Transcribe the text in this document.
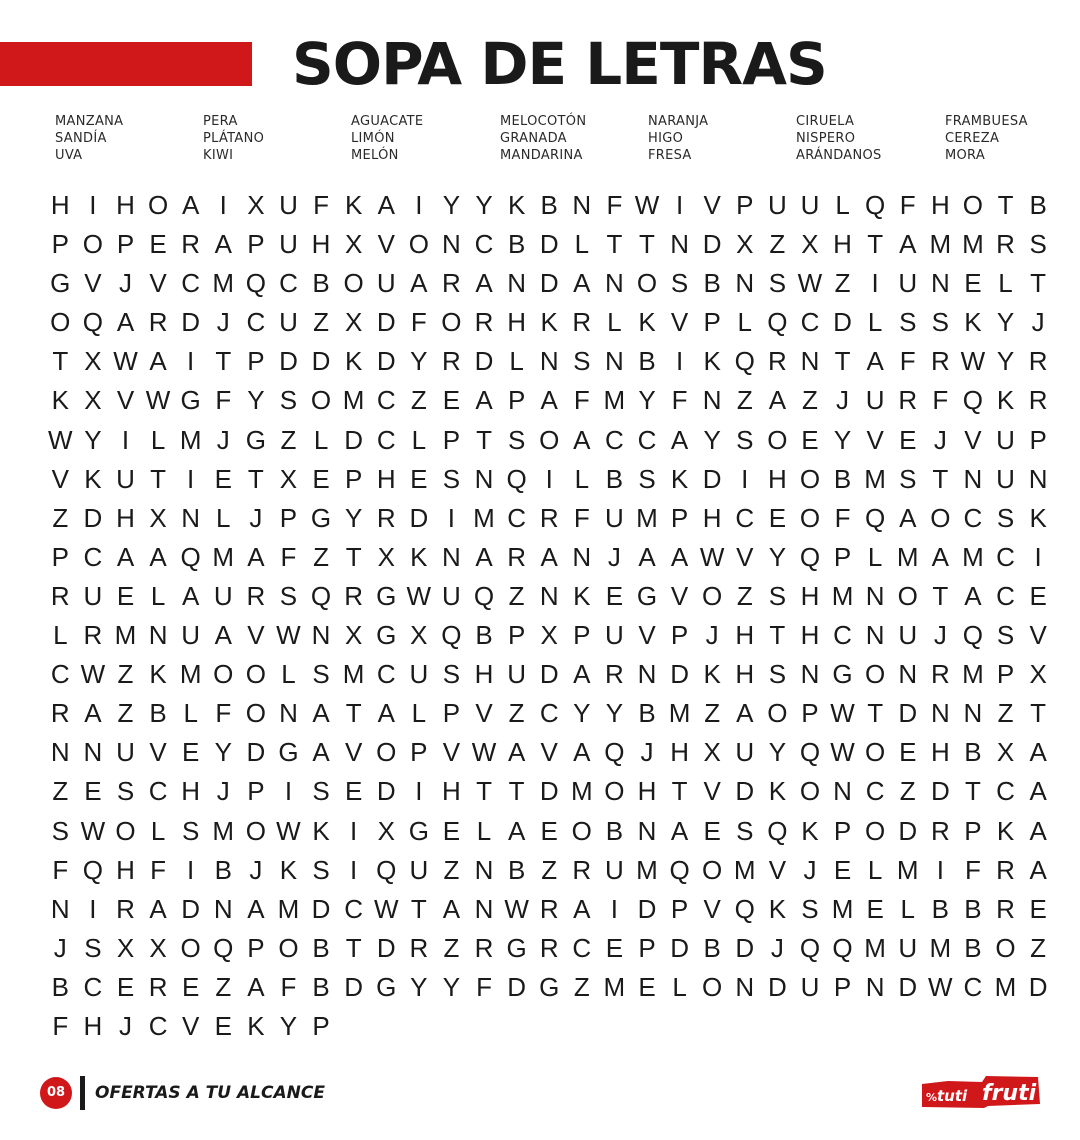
SOPA DE LETRAS
MANZANA
SANDÍA
UVA
PERA
PLÁTANO
KIWI
AGUACATE
LIMÓN
MELÓN
MELOCOTÓN
GRANADA
MANDARINA
NARANJA
HIGO
FRESA
CIRUELA
NISPERO
ARÁNDANOS
FRAMBUESA
CEREZA
MORA
H I H O A I X U F K A I Y Y K B N F W I V P U U L Q F H O T B
P O P E R A P U H X V O N C B D L T T N D X Z X H T A M M R S
G V J V C M Q C B O U A R A N D A N O S B N S W Z I U N E L T
O Q A R D J C U Z X D F O R H K R L K V P L Q C D L S S K Y J
T X W A I T P D D K D Y R D L N S N B I K Q R N T A F R W Y R
K X V W G F Y S O M C Z E A P A F M Y F N Z A Z J U R F Q K R
W Y I L M J G Z L D C L P T S O A C C A Y S O E Y V E J V U P
V K U T I E T X E P H E S N Q I L B S K D I H O B M S T N U N
Z D H X N L J P G Y R D I M C R F U M P H C E O F Q A O C S K
P C A A Q M A F Z T X K N A R A N J A A W V Y Q P L M A M C I
R U E L A U R S Q R G W U Q Z N K E G V O Z S H M N O T A C E
L R M N U A V W N X G X Q B P X P U V P J H T H C N U J Q S V
C W Z K M O O L S M C U S H U D A R N D K H S N G O N R M P X
R A Z B L F O N A T A L P V Z C Y Y B M Z A O P W T D N N Z T
N N U V E Y D G A V O P V W A V A Q J H X U Y Q W O E H B X A
Z E S C H J P I S E D I H T T D M O H T V D K O N C Z D T C A
S W O L S M O W K I X G E L A E O B N A E S Q K P O D R P K A
F Q H F I B J K S I Q U Z N B Z R U M Q O M V J E L M I F R A
N I R A D N A M D C W T A N W R A I D P V Q K S M E L B B R E
J S X X O Q P O B T D R Z R G R C E P D B D J Q Q M U M B O Z
B C E R E Z A F B D G Y Y F D G Z M E L O N D U P N D W C M D
F H J C V E K Y P
08	OFERTAS A TU ALCANCE	% tuti fruti
